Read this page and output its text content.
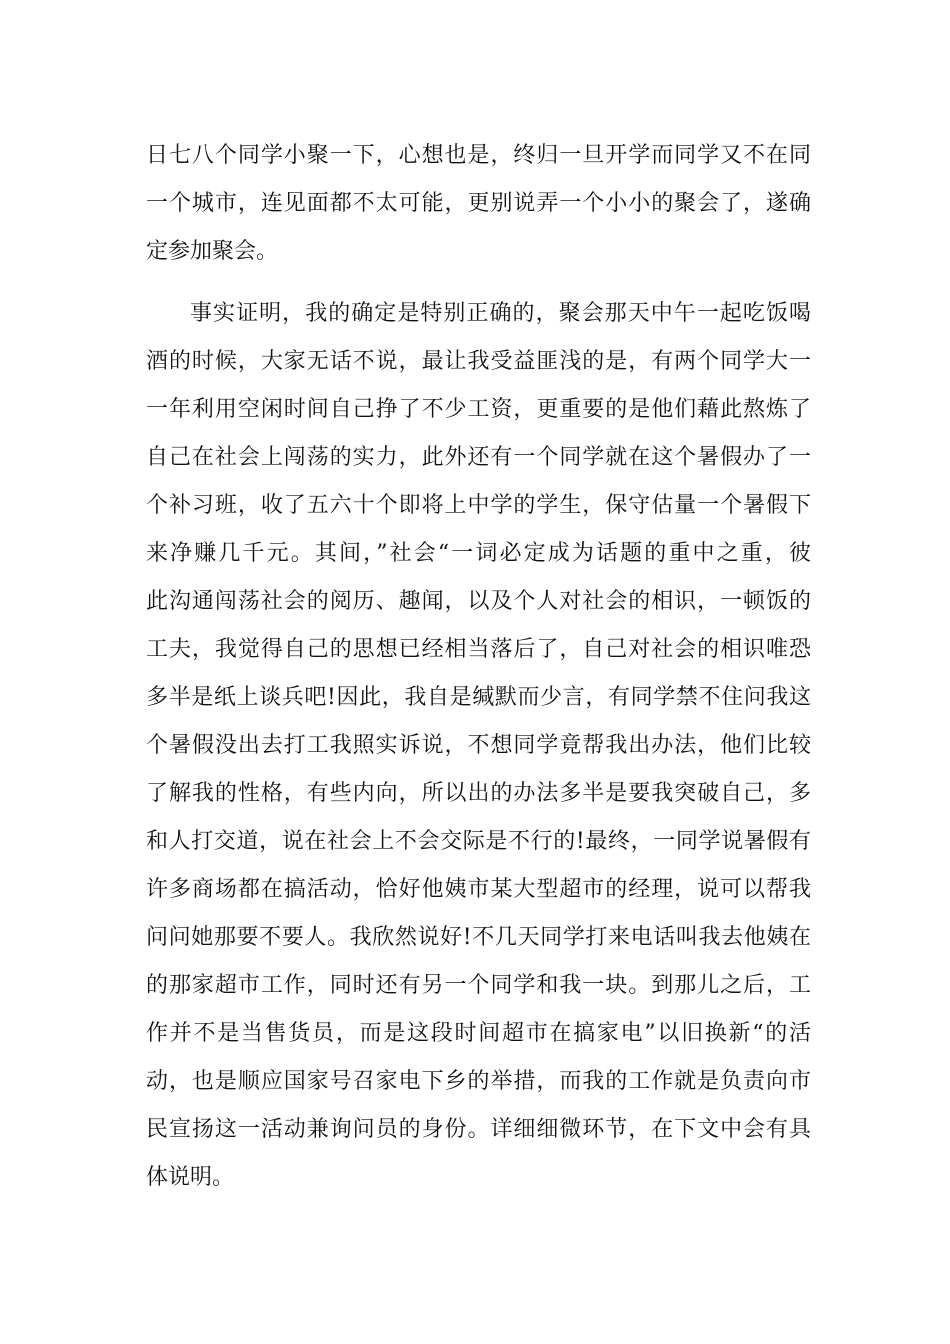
日七八个同学小聚一下，心想也是，终归一旦开学而同学又不在同
一个城市，连见面都不太可能，更别说弄一个小小的聚会了，遂确
定参加聚会。
事实证明，我的确定是特别正确的，聚会那天中午一起吃饭喝
酒的时候，大家无话不说，最让我受益匪浅的是，有两个同学大一
一年利用空闲时间自己挣了不少工资，更重要的是他们藉此熬炼了
自己在社会上闯荡的实力，此外还有一个同学就在这个暑假办了一
个补习班，收了五六十个即将上中学的学生，保守估量一个暑假下
来净赚几千元。其间，”社会“一词必定成为话题的重中之重，彼
此沟通闯荡社会的阅历、趣闻，以及个人对社会的相识，一顿饭的
工夫，我觉得自己的思想已经相当落后了，自己对社会的相识唯恐
多半是纸上谈兵吧!因此，我自是缄默而少言，有同学禁不住问我这
个暑假没出去打工我照实诉说，不想同学竟帮我出办法，他们比较
了解我的性格，有些内向，所以出的办法多半是要我突破自己，多
和人打交道，说在社会上不会交际是不行的!最终，一同学说暑假有
许多商场都在搞活动，恰好他姨市某大型超市的经理，说可以帮我
问问她那要不要人。我欣然说好!不几天同学打来电话叫我去他姨在
的那家超市工作，同时还有另一个同学和我一块。到那儿之后，工
作并不是当售货员，而是这段时间超市在搞家电”以旧换新“的活
动，也是顺应国家号召家电下乡的举措，而我的工作就是负责向市
民宣扬这一活动兼询问员的身份。详细细微环节，在下文中会有具
体说明。
